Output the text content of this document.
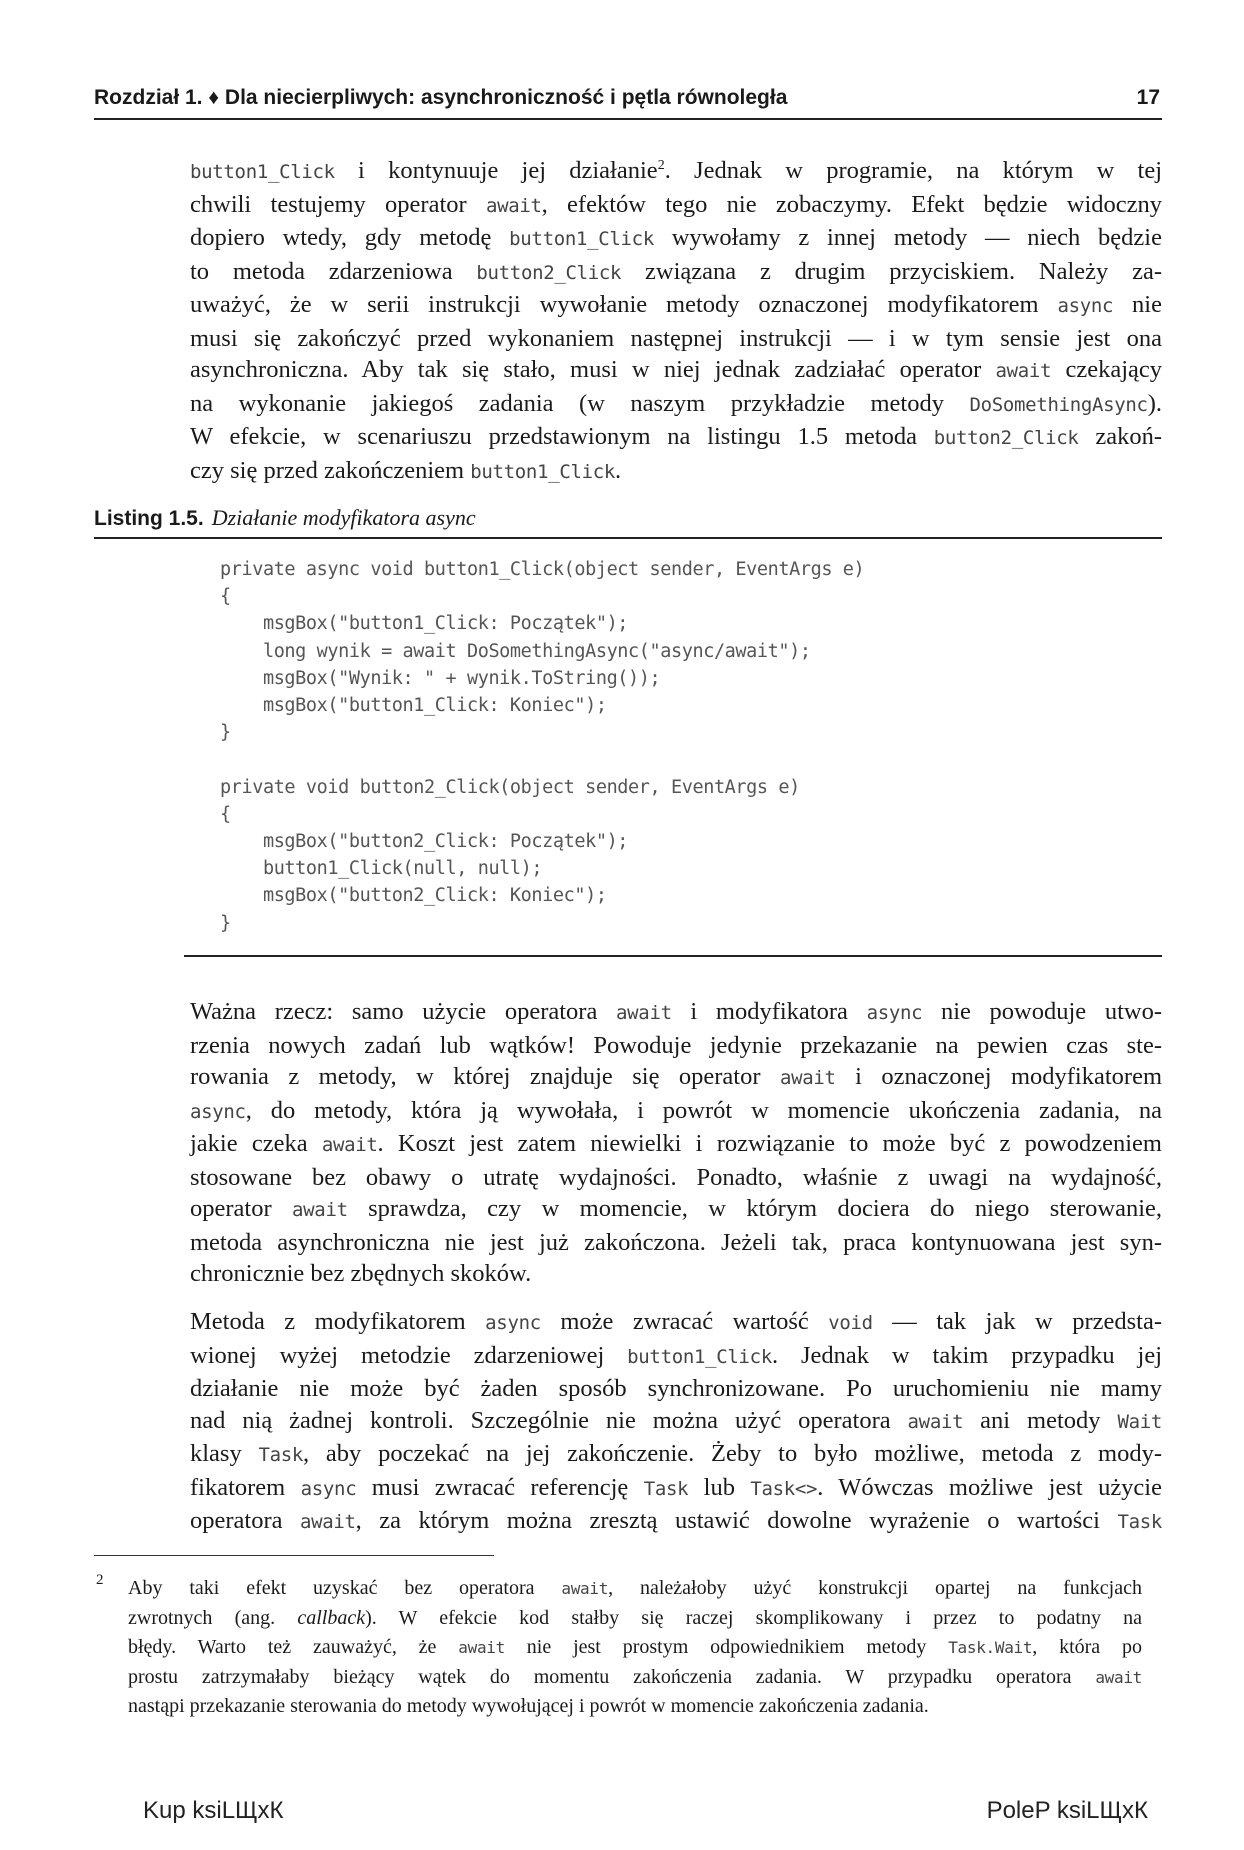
Rozdział 1. ♦ Dla niecierpliwych: asynchroniczność i pętla równoległa	17
button1_Click i kontynuuje jej działanie$^2$. Jednak w programie, na którym w tej
chwili testujemy operator await, efektów tego nie zobaczymy. Efekt będzie widoczny
dopiero wtedy, gdy metodę button1_Click wywołamy z innej metody — niech będzie
to metoda zdarzeniowa button2_Click związana z drugim przyciskiem. Należy za-
uważyć, że w serii instrukcji wywołanie metody oznaczonej modyfikatorem async nie
musi się zakończyć przed wykonaniem następnej instrukcji — i w tym sensie jest ona
asynchroniczna. Aby tak się stało, musi w niej jednak zadziałać operator await czekający
na wykonanie jakiegoś zadania (w naszym przykładzie metody DoSomethingAsync).
W efekcie, w scenariuszu przedstawionym na listingu 1.5 metoda button2_Click zakoń-
czy się przed zakończeniem button1_Click.
Listing 1.5. Działanie modyfikatora async
private async void button1_Click(object sender, EventArgs e)
{
msgBox("button1_Click: Początek");
long wynik = await DoSomethingAsync("async/await");
msgBox("Wynik: " + wynik.ToString());
msgBox("button1_Click: Koniec");
}

private void button2_Click(object sender, EventArgs e)
{
msgBox("button2_Click: Początek");
button1_Click(null, null);
msgBox("button2_Click: Koniec");
}
Ważna rzecz: samo użycie operatora await i modyfikatora async nie powoduje utwo-
rzenia nowych zadań lub wątków! Powoduje jedynie przekazanie na pewien czas ste-
rowania z metody, w której znajduje się operator await i oznaczonej modyfikatorem
async, do metody, która ją wywołała, i powrót w momencie ukończenia zadania, na
jakie czeka await. Koszt jest zatem niewielki i rozwiązanie to może być z powodzeniem
stosowane bez obawy o utratę wydajności. Ponadto, właśnie z uwagi na wydajność,
operator await sprawdza, czy w momencie, w którym dociera do niego sterowanie,
metoda asynchroniczna nie jest już zakończona. Jeżeli tak, praca kontynuowana jest syn-
chronicznie bez zbędnych skoków.
Metoda z modyfikatorem async może zwracać wartość void — tak jak w przedsta-
wionej wyżej metodzie zdarzeniowej button1_Click. Jednak w takim przypadku jej
działanie nie może być żaden sposób synchronizowane. Po uruchomieniu nie mamy
nad nią żadnej kontroli. Szczególnie nie można użyć operatora await ani metody Wait
klasy Task, aby poczekać na jej zakończenie. Żeby to było możliwe, metoda z mody-
fikatorem async musi zwracać referencję Task lub Task<>. Wówczas możliwe jest użycie
operatora await, za którym można zresztą ustawić dowolne wyrażenie o wartości Task
2 Aby taki efekt uzyskać bez operatora await, należałoby użyć konstrukcji opartej na funkcjach
zwrotnych (ang. callback). W efekcie kod stałby się raczej skomplikowany i przez to podatny na
błędy. Warto też zauważyć, że await nie jest prostym odpowiednikiem metody Task.Wait, która po
prostu zatrzymałaby bieżący wątek do momentu zakończenia zadania. W przypadku operatora await
nastąpi przekazanie sterowania do metody wywołującej i powrót w momencie zakończenia zadania.
Kup ksiLЩxК	PoleP ksiLЩxК
